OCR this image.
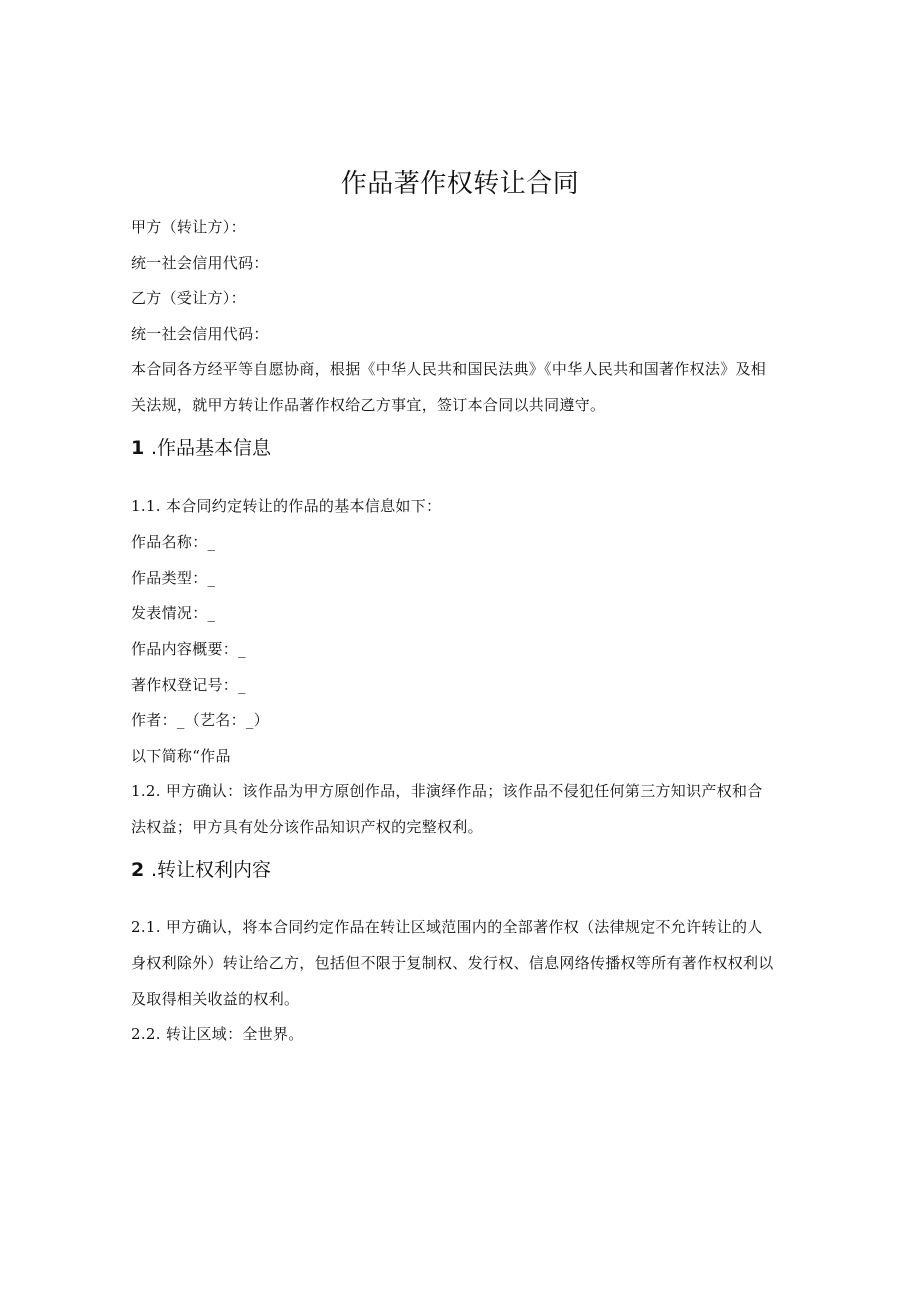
作品著作权转让合同
甲方（转让方）：
统一社会信用代码：
乙方（受让方）：
统一社会信用代码：
本合同各方经平等自愿协商，根据《中华人民共和国民法典》《中华人民共和国著作权法》及相
关法规，就甲方转让作品著作权给乙方事宜，签订本合同以共同遵守。
1 .作品基本信息
1.1. 本合同约定转让的作品的基本信息如下：
作品名称：_
作品类型：_
发表情况：_
作品内容概要：_
著作权登记号：_
作者：_（艺名：_）
以下简称“作品
1.2. 甲方确认：该作品为甲方原创作品，非演绎作品；该作品不侵犯任何第三方知识产权和合
法权益；甲方具有处分该作品知识产权的完整权利。
2 .转让权利内容
2.1. 甲方确认，将本合同约定作品在转让区域范围内的全部著作权（法律规定不允许转让的人
身权利除外）转让给乙方，包括但不限于复制权、发行权、信息网络传播权等所有著作权权利以
及取得相关收益的权利。
2.2. 转让区域：全世界。
